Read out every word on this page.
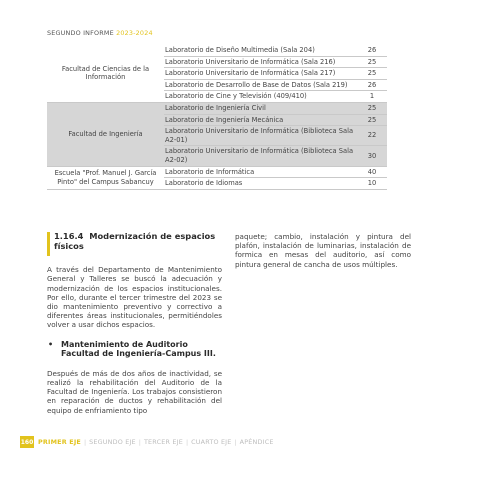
SEGUNDO INFORME 2023-2024
Facultad de Ciencias de la Información	Laboratorio de Diseño Multimedia (Sala 204)	26
	Laboratorio Universitario de Informática (Sala 216)	25
	Laboratorio Universitario de Informática (Sala 217)	25
	Laboratorio de Desarrollo de Base de Datos (Sala 219)	26
	Laboratorio de Cine y Televisión (409/410)	1
Facultad de Ingeniería	Laboratorio de Ingeniería Civil	25
	Laboratorio de Ingeniería Mecánica	25
	Laboratorio Universitario de Informática (Biblioteca Sala A2-01)	22
	Laboratorio Universitario de Informática (Biblioteca Sala A2-02)	30
Escuela "Prof. Manuel J. García Pinto" del Campus Sabancuy	Laboratorio de Informática	40
	Laboratorio de Idiomas	10
1.16.4 Modernización de espacios físicos

A través del Departamento de Mantenimiento General y Talleres se buscó la adecuación y modernización de los espacios institucionales. Por ello, durante el tercer trimestre del 2023 se dio mantenimiento preventivo y correctivo a diferentes áreas institucionales, permitiéndoles volver a usar dichos espacios.

• Mantenimiento de Auditorio Facultad de Ingeniería-Campus III.

Después de más de dos años de inactividad, se realizó la rehabilitación del Auditorio de la Facultad de Ingeniería. Los trabajos consistieron en reparación de ductos y rehabilitación del equipo de enfriamiento tipo

paquete; cambio, instalación y pintura del plafón, instalación de luminarias, instalación de formica en mesas del auditorio, así como pintura general de cancha de usos múltiples.

160 PRIMER EJE | SEGUNDO EJE | TERCER EJE | CUARTO EJE | APÉNDICE
